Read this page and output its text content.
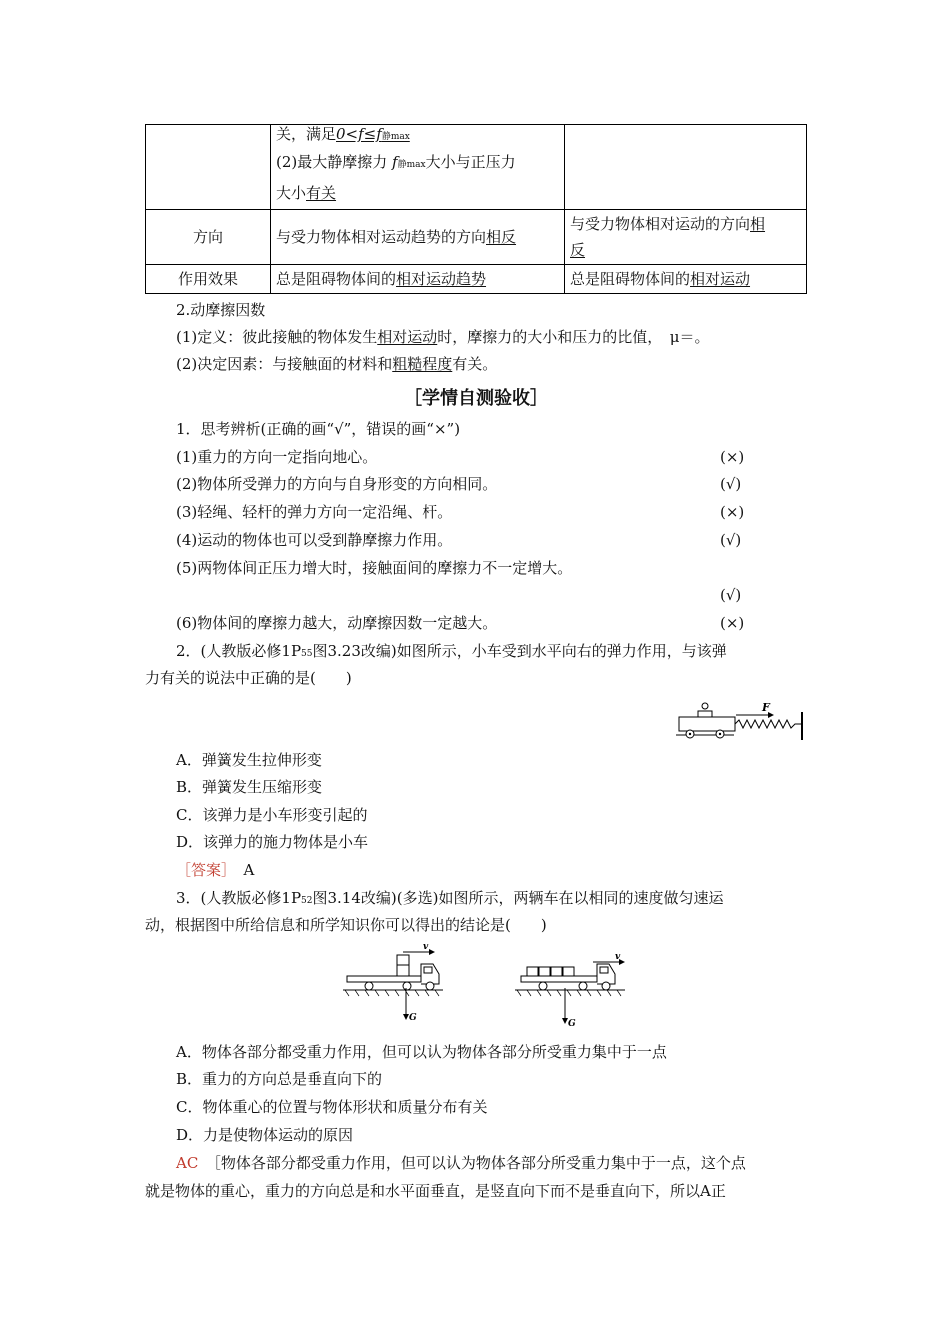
	关，满足0<f≤f静max
(2)最大静摩擦力 f静max大小与正压力
大小有关	

方向	与受力物体相对运动趋势的方向相反	与受力物体相对运动的方向相
反

作用效果	总是阻碍物体间的相对运动趋势	总是阻碍物体间的相对运动
2.动摩擦因数
(1)定义：彼此接触的物体发生相对运动时，摩擦力的大小和压力的比值，　μ＝。
(2)决定因素：与接触面的材料和粗糙程度有关。
［学情自测验收］
1．思考辨析(正确的画“√”，错误的画“×”)
(1)重力的方向一定指向地心。	(×)
(2)物体所受弹力的方向与自身形变的方向相同。	(√)
(3)轻绳、轻杆的弹力方向一定沿绳、杆。	(×)
(4)运动的物体也可以受到静摩擦力作用。	(√)
(5)两物体间正压力增大时，接触面间的摩擦力不一定增大。
(√)
(6)物体间的摩擦力越大，动摩擦因数一定越大。	(×)
2．(人教版必修1P55图3.23改编)如图所示，小车受到水平向右的弹力作用，与该弹
力有关的说法中正确的是(　　)
F
A．弹簧发生拉伸形变
B．弹簧发生压缩形变
C．该弹力是小车形变引起的
D．该弹力的施力物体是小车
［答案］　 A
3．(人教版必修1P52图3.14改编)(多选)如图所示，两辆车在以相同的速度做匀速运
动，根据图中所给信息和所学知识你可以得出的结论是(　　)
v
G
v
G
A．物体各部分都受重力作用，但可以认为物体各部分所受重力集中于一点
B．重力的方向总是垂直向下的
C．物体重心的位置与物体形状和质量分布有关
D．力是使物体运动的原因
AC　 ［物体各部分都受重力作用，但可以认为物体各部分所受重力集中于一点，这个点
就是物体的重心，重力的方向总是和水平面垂直，是竖直向下而不是垂直向下，所以A正
